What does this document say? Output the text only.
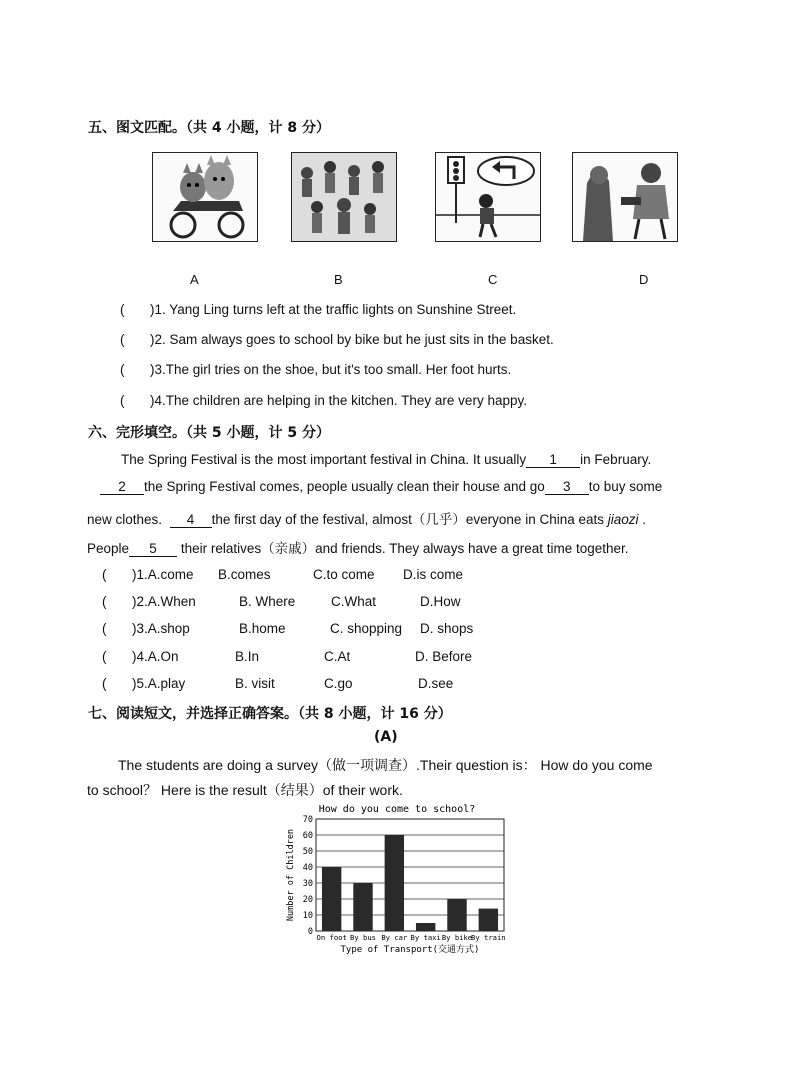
五、图文匹配。（共 4 小题，计 8 分）
A	B	C	D
( )1. Yang Ling turns left at the traffic lights on Sunshine Street.
( )2. Sam always goes to school by bike but he just sits in the basket.
( )3.The girl tries on the shoe, but it's too small. Her foot hurts.
( )4.The children are helping in the kitchen. They are very happy.
六、完形填空。（共 5 小题，计 5 分）
The Spring Festival is the most important festival in China. It usually 1 in February.
2 the Spring Festival comes, people usually clean their house and go 3 to buy some
new clothes. 4 the first day of the festival, almost（几乎）everyone in China eats jiaozi .
People 5 their relatives（亲戚）and friends. They always have a great time together.
( )1.A.come B.comes	C.to come D.is come
( )2.A.When	B. Where	C.What	D.How
( )3.A.shop	B.home	C. shopping D. shops
( )4.A.On	B.In	C.At	D. Before
( )5.A.play	B. visit	C.go	D.see
七、阅读短文，并选择正确答案。（共 8 小题，计 16 分）
(A)
The students are doing a survey（做一项调查）.Their question is： How do you come
to school？ Here is the result（结果）of their work.
How do you come to school?
0
10
20
30
40
50
60
70
On foot By bus By car By taxi By bike
By train
Number of Children
Type of Transport(交通方式)
